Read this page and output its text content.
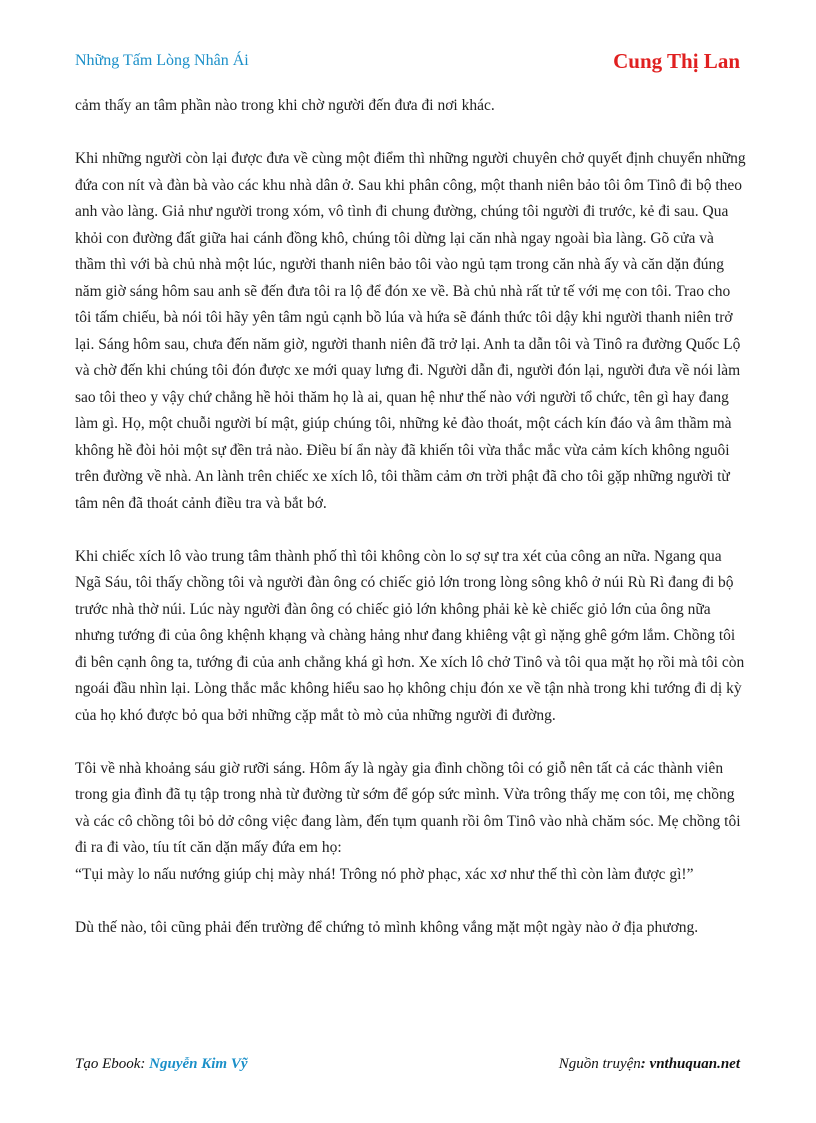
Những Tấm Lòng Nhân Ái	Cung Thị Lan

cảm thấy an tâm phần nào trong khi chờ người đến đưa đi nơi khác.

Khi những người còn lại được đưa về cùng một điểm thì những người chuyên chở quyết định chuyển những đứa con nít và đàn bà vào các khu nhà dân ở. Sau khi phân công, một thanh niên bảo tôi ôm Tinô đi bộ theo anh vào làng. Giả như người trong xóm, vô tình đi chung đường, chúng tôi người đi trước, kẻ đi sau. Qua khỏi con đường đất giữa hai cánh đồng khô, chúng tôi dừng lại căn nhà ngay ngoài bìa làng. Gõ cửa và thầm thì với bà chủ nhà một lúc, người thanh niên bảo tôi vào ngủ tạm trong căn nhà ấy và căn dặn đúng năm giờ sáng hôm sau anh sẽ đến đưa tôi ra lộ để đón xe về. Bà chủ nhà rất tử tế với mẹ con tôi. Trao cho tôi tấm chiếu, bà nói tôi hãy yên tâm ngủ cạnh bồ lúa và hứa sẽ đánh thức tôi dậy khi người thanh niên trở lại. Sáng hôm sau, chưa đến năm giờ, người thanh niên đã trở lại. Anh ta dẫn tôi và Tinô ra đường Quốc Lộ và chờ đến khi chúng tôi đón được xe mới quay lưng đi. Người dẫn đi, người đón lại, người đưa về nói làm sao tôi theo y vậy chứ chẳng hề hỏi thăm họ là ai, quan hệ như thế nào với người tổ chức, tên gì hay đang làm gì. Họ, một chuỗi người bí mật, giúp chúng tôi, những kẻ đào thoát, một cách kín đáo và âm thầm mà không hề đòi hỏi một sự đền trả nào. Điều bí ẩn này đã khiến tôi vừa thắc mắc vừa cảm kích không nguôi trên đường về nhà. An lành trên chiếc xe xích lô, tôi thầm cảm ơn trời phật đã cho tôi gặp những người từ tâm nên đã thoát cảnh điều tra và bắt bớ.

Khi chiếc xích lô vào trung tâm thành phố thì tôi không còn lo sợ sự tra xét của công an nữa. Ngang qua Ngã Sáu, tôi thấy chồng tôi và người đàn ông có chiếc giỏ lớn trong lòng sông khô ở núi Rù Rì đang đi bộ trước nhà thờ núi. Lúc này người đàn ông có chiếc giỏ lớn không phải kè kè chiếc giỏ lớn của ông nữa nhưng tướng đi của ông khệnh khạng và chàng hảng như đang khiêng vật gì nặng ghê gớm lắm. Chồng tôi đi bên cạnh ông ta, tướng đi của anh chẳng khá gì hơn. Xe xích lô chở Tinô và tôi qua mặt họ rồi mà tôi còn ngoái đầu nhìn lại. Lòng thắc mắc không hiểu sao họ không chịu đón xe về tận nhà trong khi tướng đi dị kỳ của họ khó được bỏ qua bởi những cặp mắt tò mò của những người đi đường.

Tôi về nhà khoảng sáu giờ rưỡi sáng. Hôm ấy là ngày gia đình chồng tôi có giỗ nên tất cả các thành viên trong gia đình đã tụ tập trong nhà từ đường từ sớm để góp sức mình. Vừa trông thấy mẹ con tôi, mẹ chồng và các cô chồng tôi bỏ dở công việc đang làm, đến tụm quanh rồi ôm Tinô vào nhà chăm sóc. Mẹ chồng tôi đi ra đi vào, tíu tít căn dặn mấy đứa em họ:

“Tụi mày lo nấu nướng giúp chị mày nhá! Trông nó phờ phạc, xác xơ như thế thì còn làm được gì!”

Dù thế nào, tôi cũng phải đến trường để chứng tỏ mình không vắng mặt một ngày nào ở địa phương.

Tạo Ebook: Nguyễn Kim Vỹ	Nguồn truyện: vnthuquan.net
